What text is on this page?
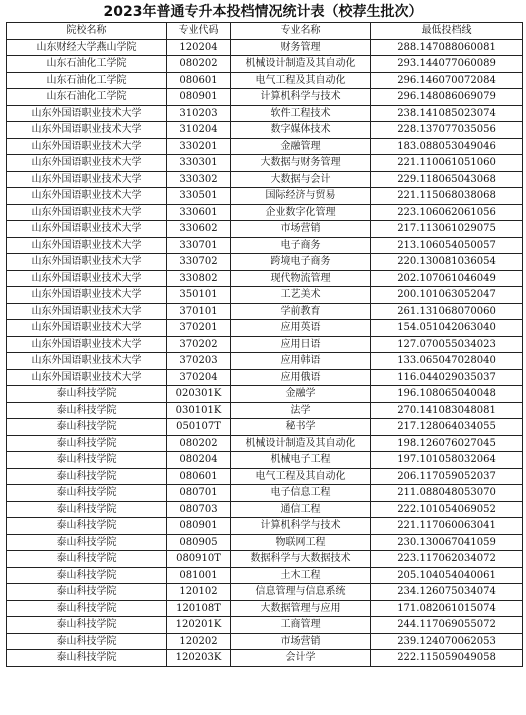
2023年普通专升本投档情况统计表（校荐生批次）
院校名称	专业代码	专业名称	最低投档线
山东财经大学燕山学院	120204	财务管理	288.147088060081
山东石油化工学院	080202	机械设计制造及其自动化	293.144077060089
山东石油化工学院	080601	电气工程及其自动化	296.146070072084
山东石油化工学院	080901	计算机科学与技术	296.148086069079
山东外国语职业技术大学	310203	软件工程技术	238.141085023074
山东外国语职业技术大学	310204	数字媒体技术	228.137077035056
山东外国语职业技术大学	330201	金融管理	183.088053049046
山东外国语职业技术大学	330301	大数据与财务管理	221.110061051060
山东外国语职业技术大学	330302	大数据与会计	229.118065043068
山东外国语职业技术大学	330501	国际经济与贸易	221.115068038068
山东外国语职业技术大学	330601	企业数字化管理	223.106062061056
山东外国语职业技术大学	330602	市场营销	217.113061029075
山东外国语职业技术大学	330701	电子商务	213.106054050057
山东外国语职业技术大学	330702	跨境电子商务	220.130081036054
山东外国语职业技术大学	330802	现代物流管理	202.107061046049
山东外国语职业技术大学	350101	工艺美术	200.101063052047
山东外国语职业技术大学	370101	学前教育	261.131068070060
山东外国语职业技术大学	370201	应用英语	154.051042063040
山东外国语职业技术大学	370202	应用日语	127.070055034023
山东外国语职业技术大学	370203	应用韩语	133.065047028040
山东外国语职业技术大学	370204	应用俄语	116.044029035037
泰山科技学院	020301K	金融学	196.108065040048
泰山科技学院	030101K	法学	270.141083048081
泰山科技学院	050107T	秘书学	217.128064034055
泰山科技学院	080202	机械设计制造及其自动化	198.126076027045
泰山科技学院	080204	机械电子工程	197.101058032064
泰山科技学院	080601	电气工程及其自动化	206.117059052037
泰山科技学院	080701	电子信息工程	211.088048053070
泰山科技学院	080703	通信工程	222.101054069052
泰山科技学院	080901	计算机科学与技术	221.117060063041
泰山科技学院	080905	物联网工程	230.130067041059
泰山科技学院	080910T	数据科学与大数据技术	223.117062034072
泰山科技学院	081001	土木工程	205.104054040061
泰山科技学院	120102	信息管理与信息系统	234.126075034074
泰山科技学院	120108T	大数据管理与应用	171.082061015074
泰山科技学院	120201K	工商管理	244.117069055072
泰山科技学院	120202	市场营销	239.124070062053
泰山科技学院	120203K	会计学	222.115059049058
